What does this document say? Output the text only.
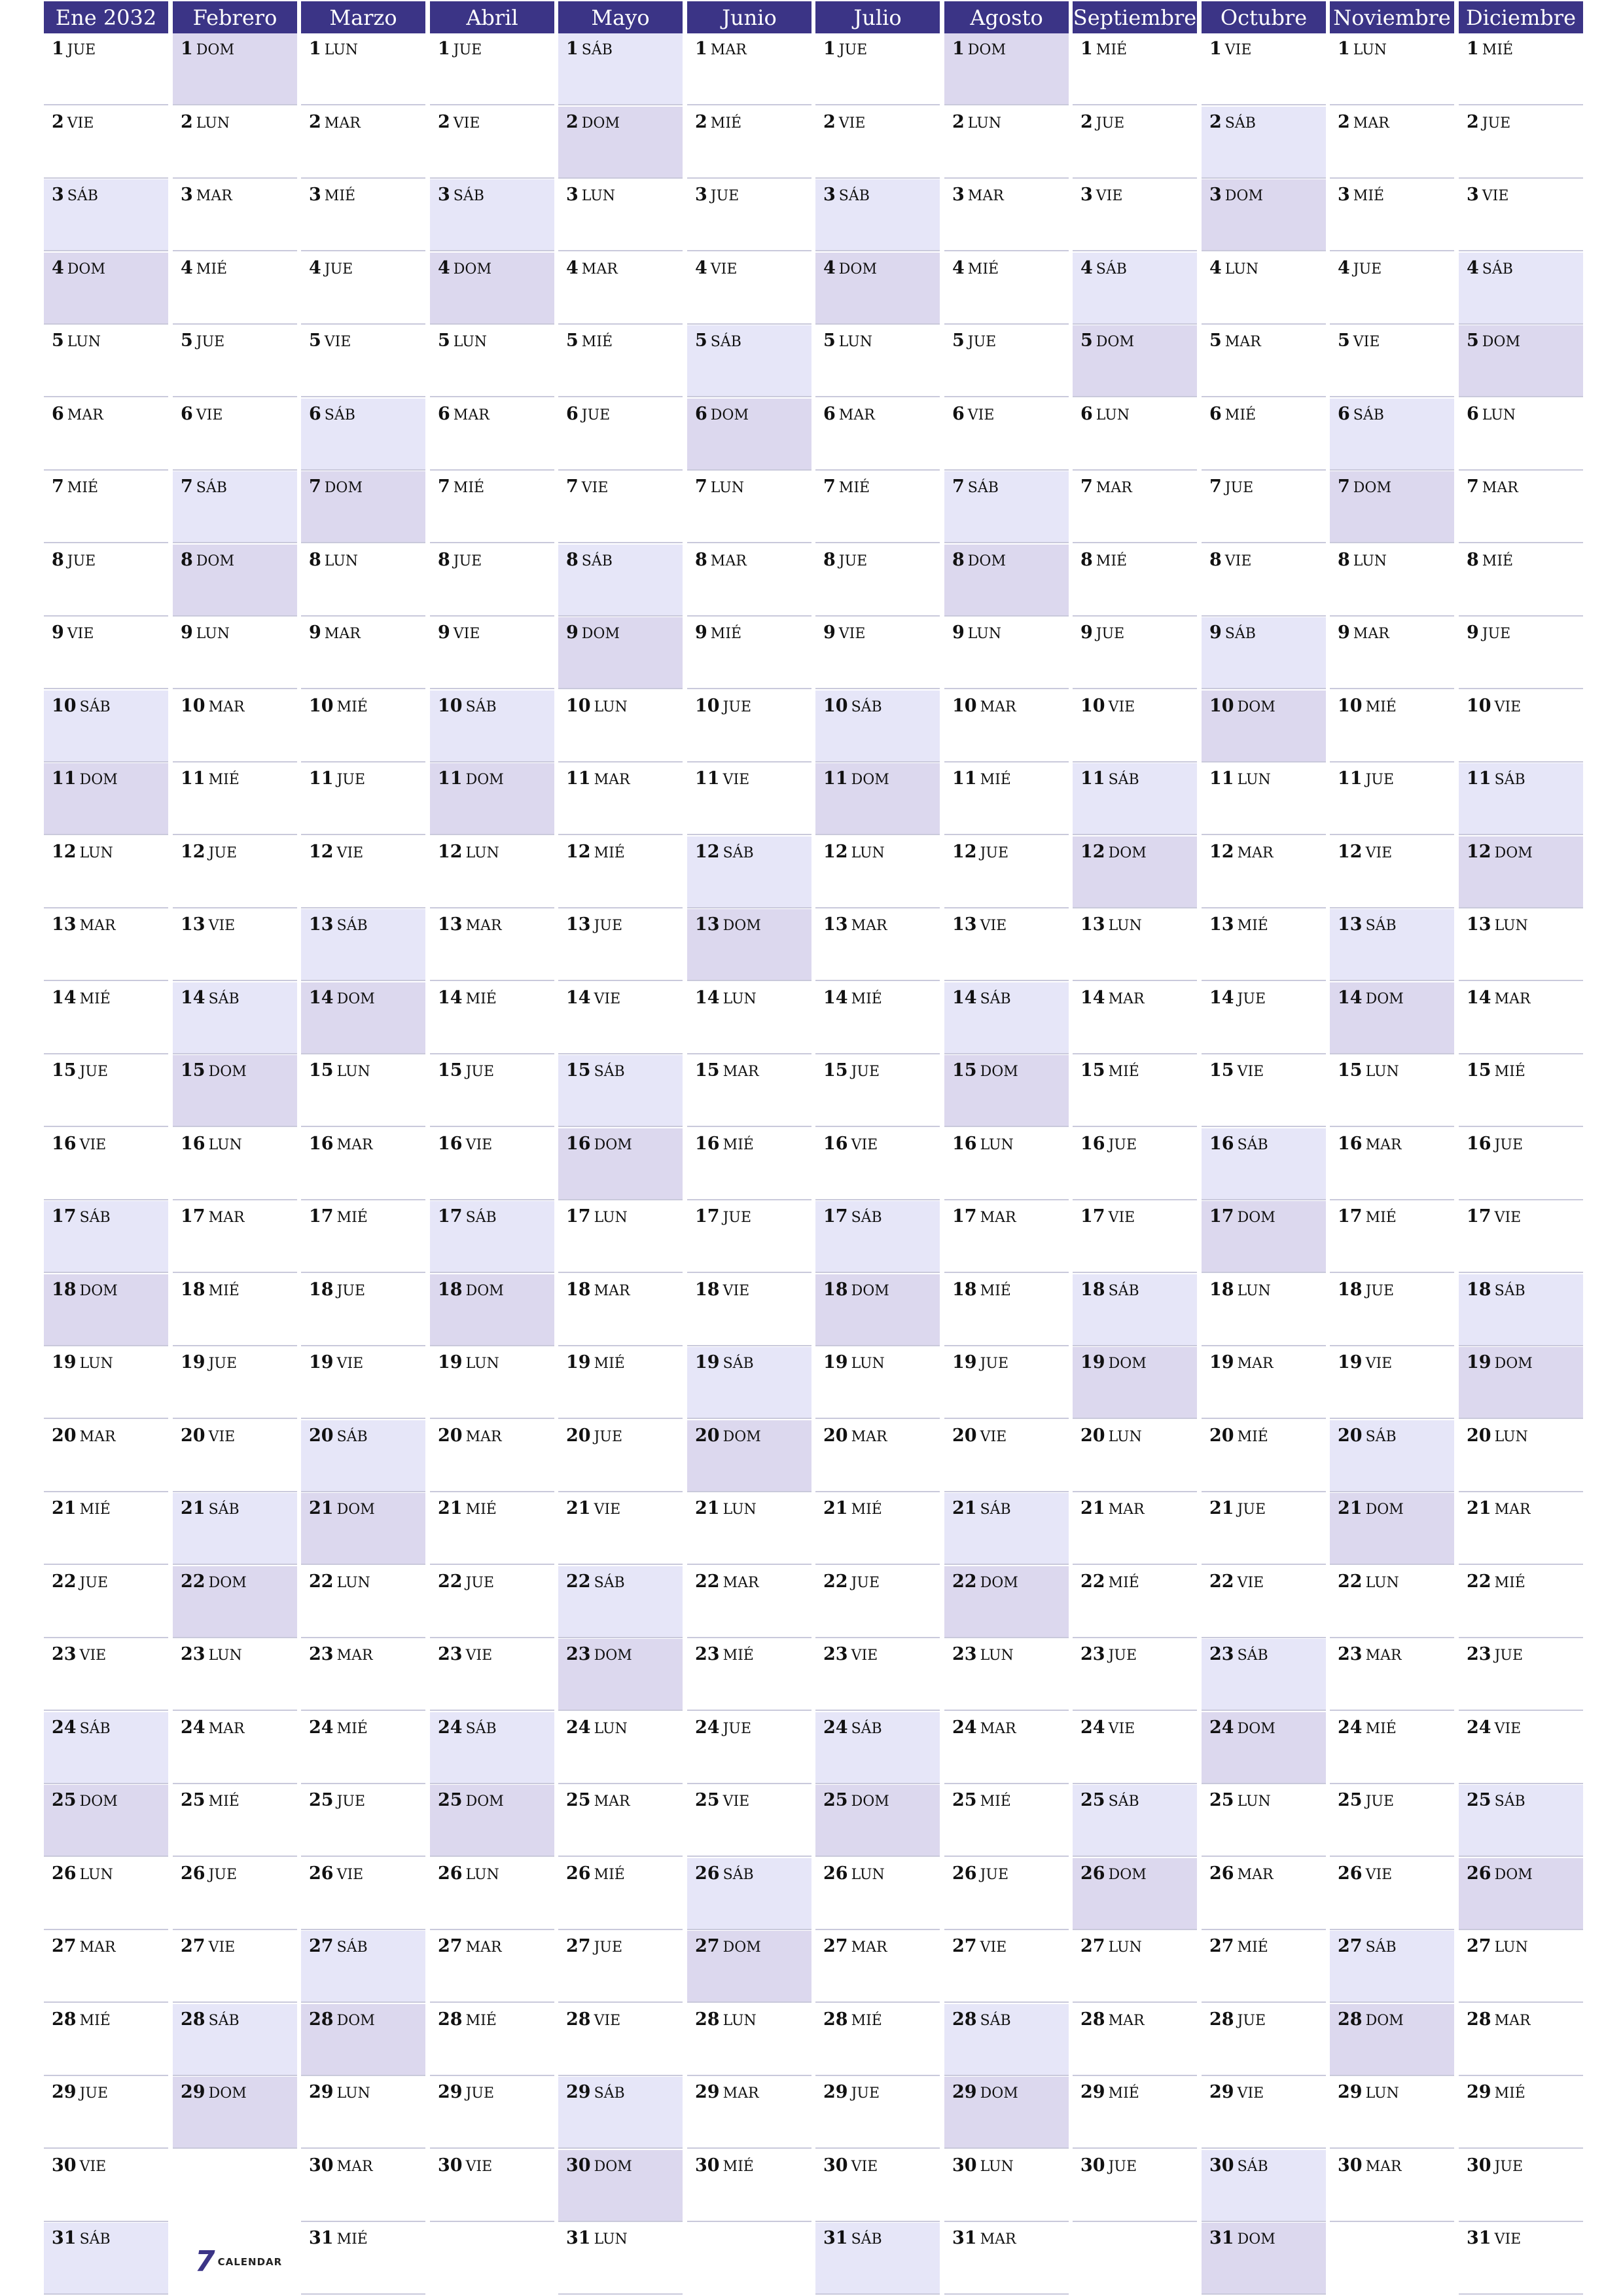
Ene 2032
1 JUE
2 VIE
3 SÁB
4 DOM
5 LUN
6 MAR
7 MIÉ
8 JUE
9 VIE
10 SÁB
11 DOM
12 LUN
13 MAR
14 MIÉ
15 JUE
16 VIE
17 SÁB
18 DOM
19 LUN
20 MAR
21 MIÉ
22 JUE
23 VIE
24 SÁB
25 DOM
26 LUN
27 MAR
28 MIÉ
29 JUE
30 VIE
31 SÁB
Febrero
1 DOM
2 LUN
3 MAR
4 MIÉ
5 JUE
6 VIE
7 SÁB
8 DOM
9 LUN
10 MAR
11 MIÉ
12 JUE
13 VIE
14 SÁB
15 DOM
16 LUN
17 MAR
18 MIÉ
19 JUE
20 VIE
21 SÁB
22 DOM
23 LUN
24 MAR
25 MIÉ
26 JUE
27 VIE
28 SÁB
29 DOM
Marzo
1 LUN
2 MAR
3 MIÉ
4 JUE
5 VIE
6 SÁB
7 DOM
8 LUN
9 MAR
10 MIÉ
11 JUE
12 VIE
13 SÁB
14 DOM
15 LUN
16 MAR
17 MIÉ
18 JUE
19 VIE
20 SÁB
21 DOM
22 LUN
23 MAR
24 MIÉ
25 JUE
26 VIE
27 SÁB
28 DOM
29 LUN
30 MAR
31 MIÉ
Abril
1 JUE
2 VIE
3 SÁB
4 DOM
5 LUN
6 MAR
7 MIÉ
8 JUE
9 VIE
10 SÁB
11 DOM
12 LUN
13 MAR
14 MIÉ
15 JUE
16 VIE
17 SÁB
18 DOM
19 LUN
20 MAR
21 MIÉ
22 JUE
23 VIE
24 SÁB
25 DOM
26 LUN
27 MAR
28 MIÉ
29 JUE
30 VIE
Mayo
1 SÁB
2 DOM
3 LUN
4 MAR
5 MIÉ
6 JUE
7 VIE
8 SÁB
9 DOM
10 LUN
11 MAR
12 MIÉ
13 JUE
14 VIE
15 SÁB
16 DOM
17 LUN
18 MAR
19 MIÉ
20 JUE
21 VIE
22 SÁB
23 DOM
24 LUN
25 MAR
26 MIÉ
27 JUE
28 VIE
29 SÁB
30 DOM
31 LUN
Junio
1 MAR
2 MIÉ
3 JUE
4 VIE
5 SÁB
6 DOM
7 LUN
8 MAR
9 MIÉ
10 JUE
11 VIE
12 SÁB
13 DOM
14 LUN
15 MAR
16 MIÉ
17 JUE
18 VIE
19 SÁB
20 DOM
21 LUN
22 MAR
23 MIÉ
24 JUE
25 VIE
26 SÁB
27 DOM
28 LUN
29 MAR
30 MIÉ
Julio
1 JUE
2 VIE
3 SÁB
4 DOM
5 LUN
6 MAR
7 MIÉ
8 JUE
9 VIE
10 SÁB
11 DOM
12 LUN
13 MAR
14 MIÉ
15 JUE
16 VIE
17 SÁB
18 DOM
19 LUN
20 MAR
21 MIÉ
22 JUE
23 VIE
24 SÁB
25 DOM
26 LUN
27 MAR
28 MIÉ
29 JUE
30 VIE
31 SÁB
Agosto
1 DOM
2 LUN
3 MAR
4 MIÉ
5 JUE
6 VIE
7 SÁB
8 DOM
9 LUN
10 MAR
11 MIÉ
12 JUE
13 VIE
14 SÁB
15 DOM
16 LUN
17 MAR
18 MIÉ
19 JUE
20 VIE
21 SÁB
22 DOM
23 LUN
24 MAR
25 MIÉ
26 JUE
27 VIE
28 SÁB
29 DOM
30 LUN
31 MAR
Septiembre
1 MIÉ
2 JUE
3 VIE
4 SÁB
5 DOM
6 LUN
7 MAR
8 MIÉ
9 JUE
10 VIE
11 SÁB
12 DOM
13 LUN
14 MAR
15 MIÉ
16 JUE
17 VIE
18 SÁB
19 DOM
20 LUN
21 MAR
22 MIÉ
23 JUE
24 VIE
25 SÁB
26 DOM
27 LUN
28 MAR
29 MIÉ
30 JUE
Octubre
1 VIE
2 SÁB
3 DOM
4 LUN
5 MAR
6 MIÉ
7 JUE
8 VIE
9 SÁB
10 DOM
11 LUN
12 MAR
13 MIÉ
14 JUE
15 VIE
16 SÁB
17 DOM
18 LUN
19 MAR
20 MIÉ
21 JUE
22 VIE
23 SÁB
24 DOM
25 LUN
26 MAR
27 MIÉ
28 JUE
29 VIE
30 SÁB
31 DOM
Noviembre
1 LUN
2 MAR
3 MIÉ
4 JUE
5 VIE
6 SÁB
7 DOM
8 LUN
9 MAR
10 MIÉ
11 JUE
12 VIE
13 SÁB
14 DOM
15 LUN
16 MAR
17 MIÉ
18 JUE
19 VIE
20 SÁB
21 DOM
22 LUN
23 MAR
24 MIÉ
25 JUE
26 VIE
27 SÁB
28 DOM
29 LUN
30 MAR
Diciembre
1 MIÉ
2 JUE
3 VIE
4 SÁB
5 DOM
6 LUN
7 MAR
8 MIÉ
9 JUE
10 VIE
11 SÁB
12 DOM
13 LUN
14 MAR
15 MIÉ
16 JUE
17 VIE
18 SÁB
19 DOM
20 LUN
21 MAR
22 MIÉ
23 JUE
24 VIE
25 SÁB
26 DOM
27 LUN
28 MAR
29 MIÉ
30 JUE
31 VIE
7 CALENDAR
